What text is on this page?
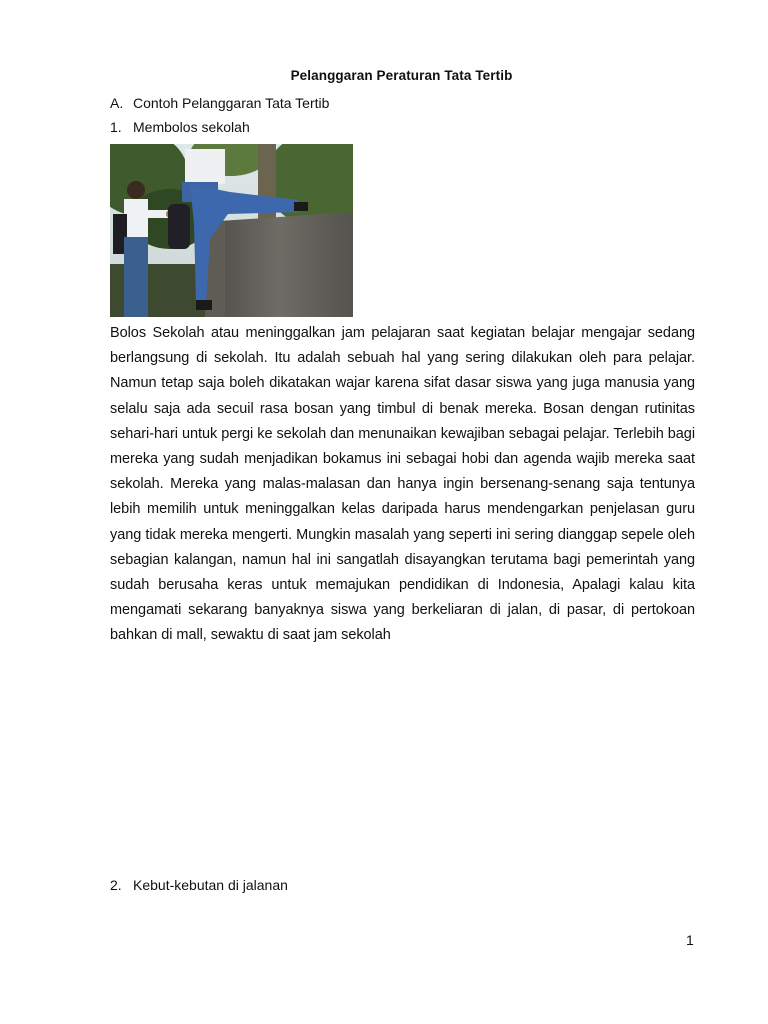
Pelanggaran Peraturan Tata Tertib
A. Contoh Pelanggaran Tata Tertib
1. Membolos sekolah
Bolos Sekolah atau meninggalkan jam pelajaran saat kegiatan belajar mengajar sedang berlangsung di sekolah. Itu adalah sebuah hal yang sering dilakukan oleh para pelajar. Namun tetap saja boleh dikatakan wajar karena sifat dasar siswa yang juga manusia yang selalu saja ada secuil rasa bosan yang timbul di benak mereka. Bosan dengan rutinitas sehari-hari untuk pergi ke sekolah dan menunaikan kewajiban sebagai pelajar. Terlebih bagi mereka yang sudah menjadikan bokamus ini sebagai hobi dan agenda wajib mereka saat sekolah. Mereka yang malas-malasan dan hanya ingin bersenang-senang saja tentunya lebih memilih untuk meninggalkan kelas daripada harus mendengarkan penjelasan guru yang tidak mereka mengerti. Mungkin masalah yang seperti ini sering dianggap sepele oleh sebagian kalangan, namun hal ini sangatlah disayangkan terutama bagi pemerintah yang sudah berusaha keras untuk memajukan pendidikan di Indonesia, Apalagi kalau kita mengamati sekarang banyaknya siswa yang berkeliaran di jalan, di pasar, di pertokoan bahkan di mall, sewaktu di saat jam sekolah
2. Kebut-kebutan di jalanan
1
